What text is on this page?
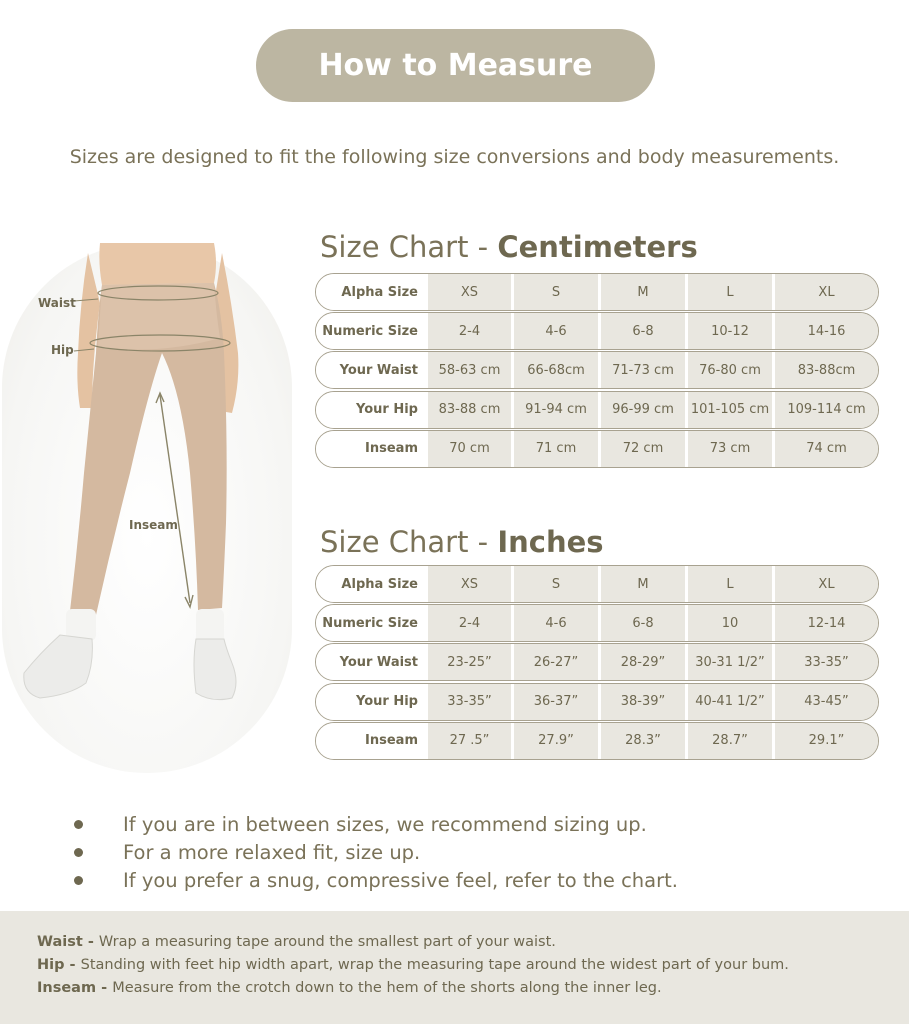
How to Measure
Sizes are designed to fit the following size conversions and body measurements.
Waist
Hip
Inseam
Size Chart - Centimeters
Alpha Size	XS	S	M	L	XL
Numeric Size	2-4	4-6	6-8	10-12	14-16
Your Waist	58-63 cm	66-68cm	71-73 cm	76-80 cm	83-88cm
Your Hip	83-88 cm	91-94 cm	96-99 cm	101-105 cm	109-114 cm
Inseam	70 cm	71 cm	72 cm	73 cm	74 cm
Size Chart - Inches
Alpha Size	XS	S	M	L	XL
Numeric Size	2-4	4-6	6-8	10	12-14
Your Waist	23-25”	26-27”	28-29”	30-31 1/2”	33-35”
Your Hip	33-35”	36-37”	38-39”	40-41 1/2”	43-45”
Inseam	27 .5”	27.9”	28.3”	28.7”	29.1”
If you are in between sizes, we recommend sizing up.
For a more relaxed fit, size up.
If you prefer a snug, compressive feel, refer to the chart.

Waist - Wrap a measuring tape around the smallest part of your waist.

Hip - Standing with feet hip width apart, wrap the measuring tape around the widest part of your bum.

Inseam - Measure from the crotch down to the hem of the shorts along the inner leg.
